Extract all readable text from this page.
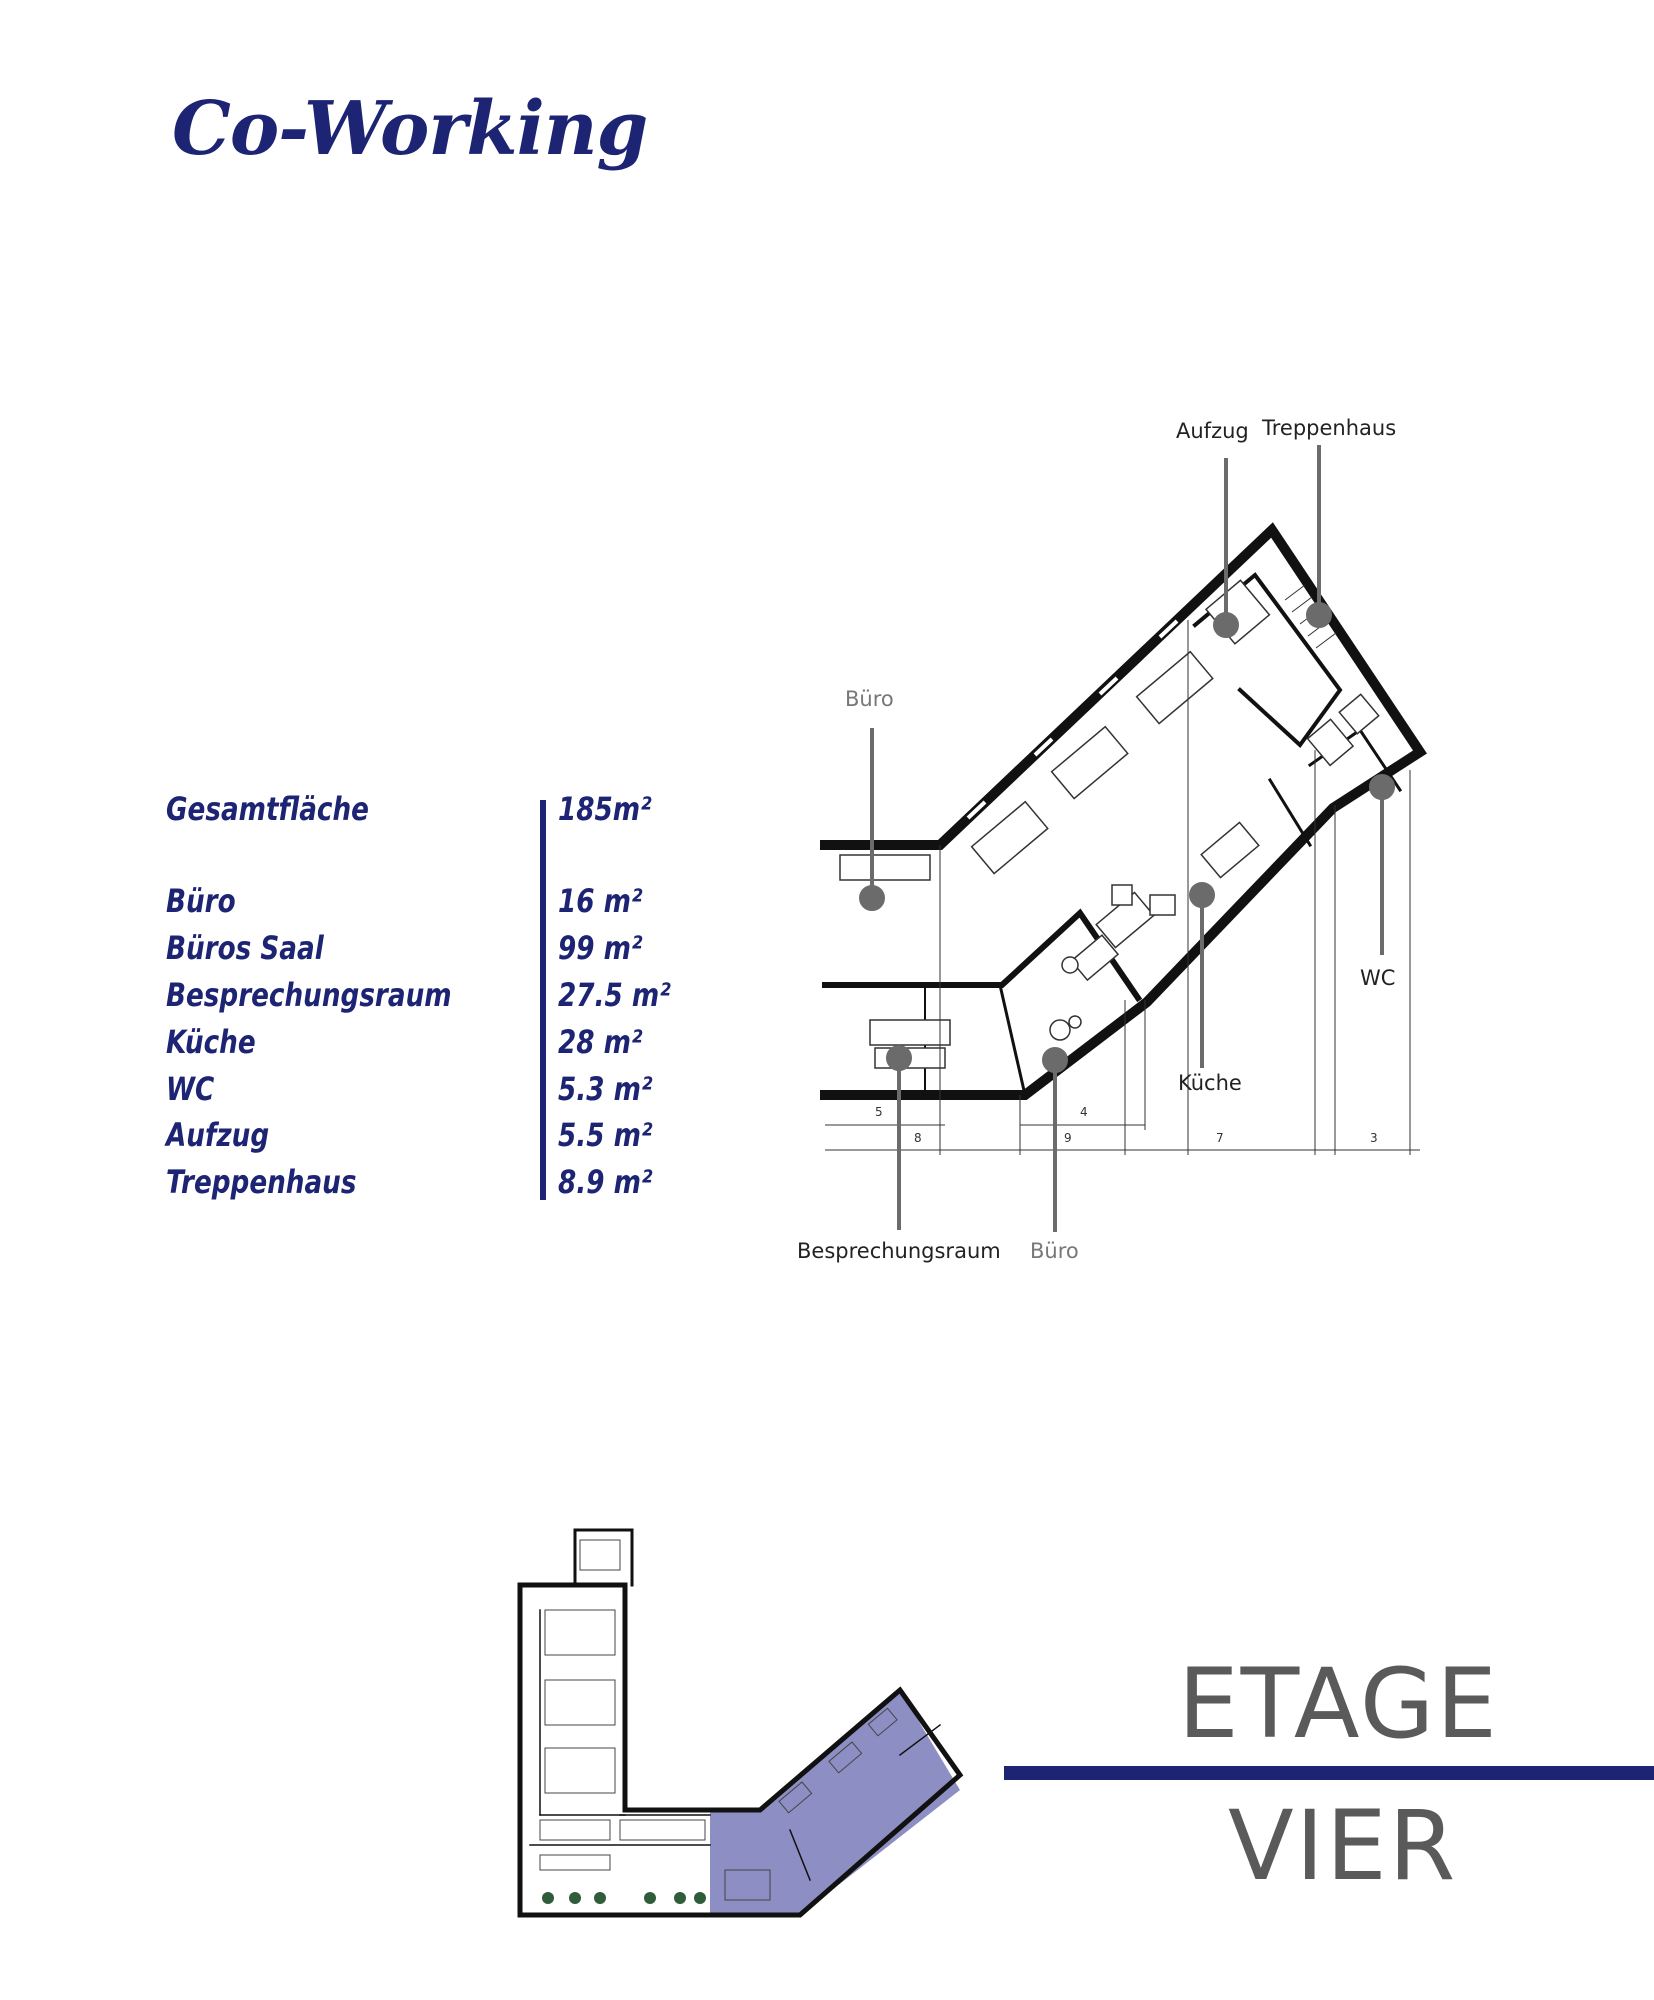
Co-Working
Gesamtfläche	185m²
Büro	16 m²
Büros Saal	99 m²
Besprechungsraum	27.5 m²
Küche	28 m²
WC	5.3 m²
Aufzug	5.5 m²
Treppenhaus	8.9 m²
5
8
4
9	7	3
Aufzug Treppenhaus
Büro
WC
Küche
Besprechungsraum Büro
ETAGE
VIER
